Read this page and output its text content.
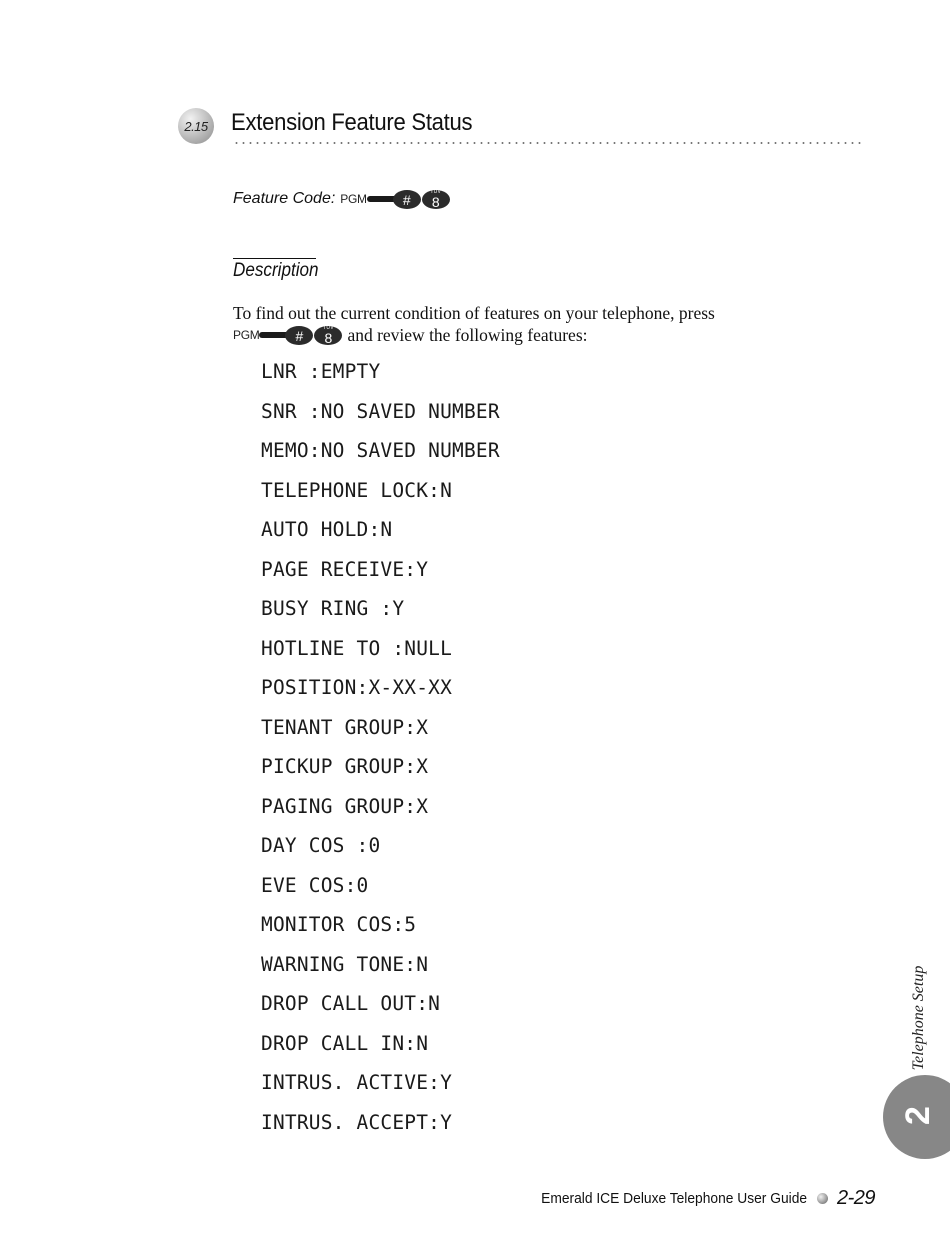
2.15 Extension Feature Status
Feature Code: PGM	#	TUV
8
Description
To find out the current condition of features on your telephone, press
PGM	#	TUV
8 and review the following features:
LNR :EMPTY
SNR :NO SAVED NUMBER
MEMO:NO SAVED NUMBER
TELEPHONE LOCK:N
AUTO HOLD:N
PAGE RECEIVE:Y
BUSY RING :Y
HOTLINE TO :NULL
POSITION:X-XX-XX
TENANT GROUP:X
PICKUP GROUP:X
PAGING GROUP:X
DAY COS :0
EVE COS:0
MONITOR COS:5
WARNING TONE:N
DROP CALL OUT:N
DROP CALL IN:N
INTRUS. ACTIVE:Y
INTRUS. ACCEPT:Y
Telephone Setup
2
Emerald ICE Deluxe Telephone User Guide 2-29
